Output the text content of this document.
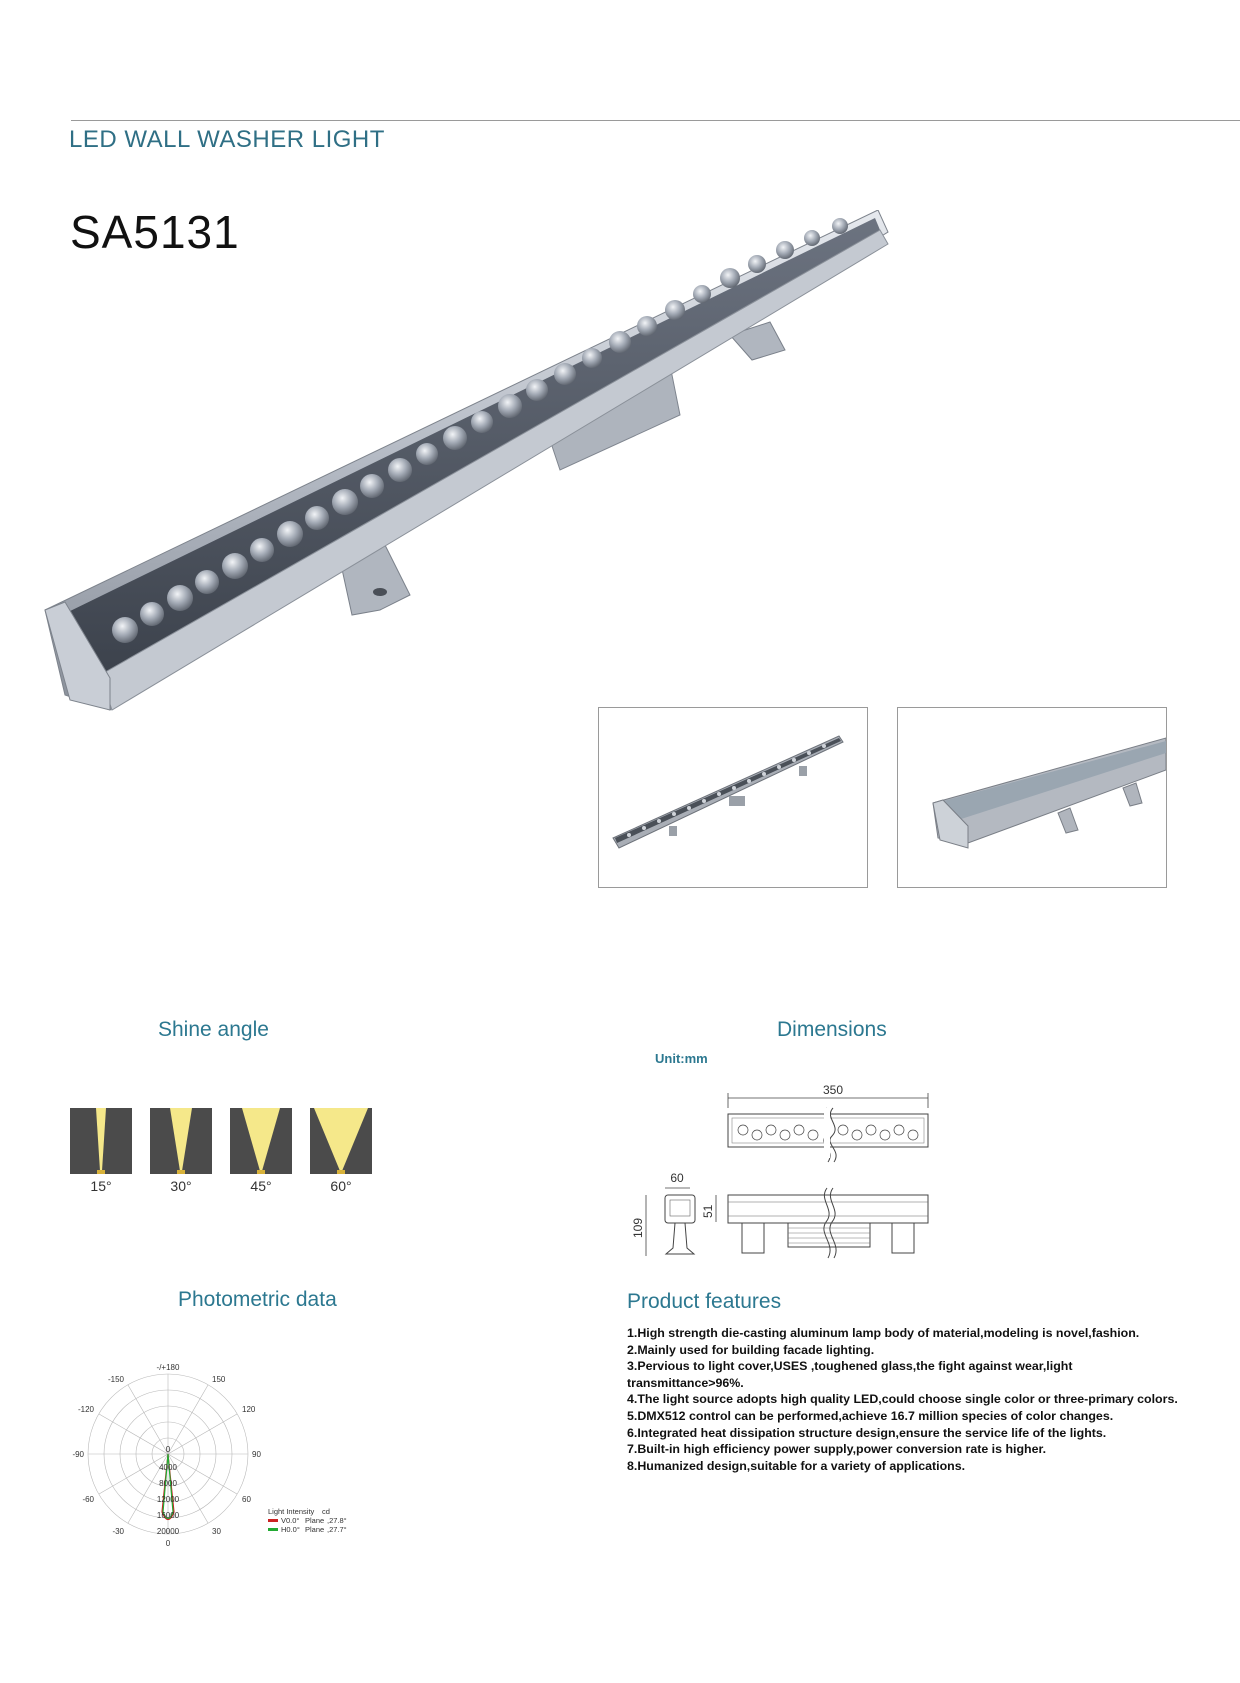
LED WALL WASHER LIGHT
SA5131
Shine angle
15°	30°	45°	60°
Dimensions
Unit:mm
350
60
109
51
Photometric data
-/+180
-150	150
-120	120
-90	90
-60	60
-30	30
0
0
4000
8000
12000
16000
20000
Light Intensity cd
V0.0° Plane ,27.8°
H0.0° Plane ,27.7°
Product features
1.High strength die-casting aluminum lamp body of material,modeling is novel,fashion.
2.Mainly used for building facade lighting.
3.Pervious to light cover,USES ,toughened glass,the fight against wear,light transmittance>96%.
4.The light source adopts high quality LED,could choose single color or three-primary colors.
5.DMX512 control can be performed,achieve 16.7 million species of color changes.
6.Integrated heat dissipation structure design,ensure the service life of the lights.
7.Built-in high efficiency power supply,power conversion rate is higher.
8.Humanized design,suitable for a variety of applications.
